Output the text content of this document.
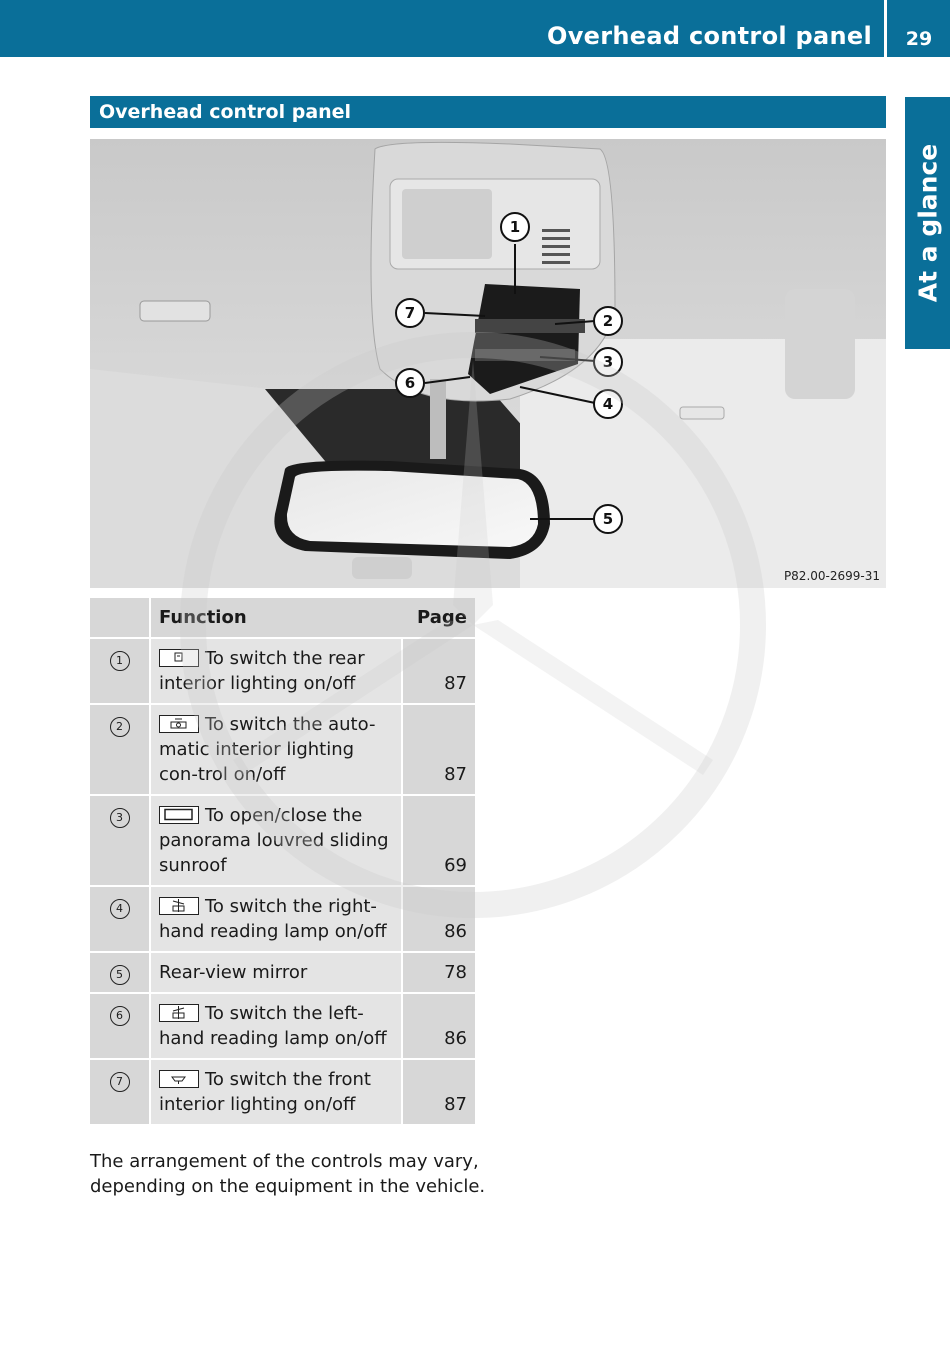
Overhead control panel	29
At a glance
Overhead control panel
1
2
3
4
5
6
7
P82.00-2699-31
	Function	Page
1	To switch the rear interior lighting on/off	87
2	To switch the auto-matic interior lighting con-trol on/off	87
3	To open/close the panorama louvred sliding sunroof	69
4	To switch the right-hand reading lamp on/off	86
5	Rear-view mirror	78
6	To switch the left-hand reading lamp on/off	86
7	To switch the front interior lighting on/off	87
The arrangement of the controls may vary, depending on the equipment in the vehicle.
